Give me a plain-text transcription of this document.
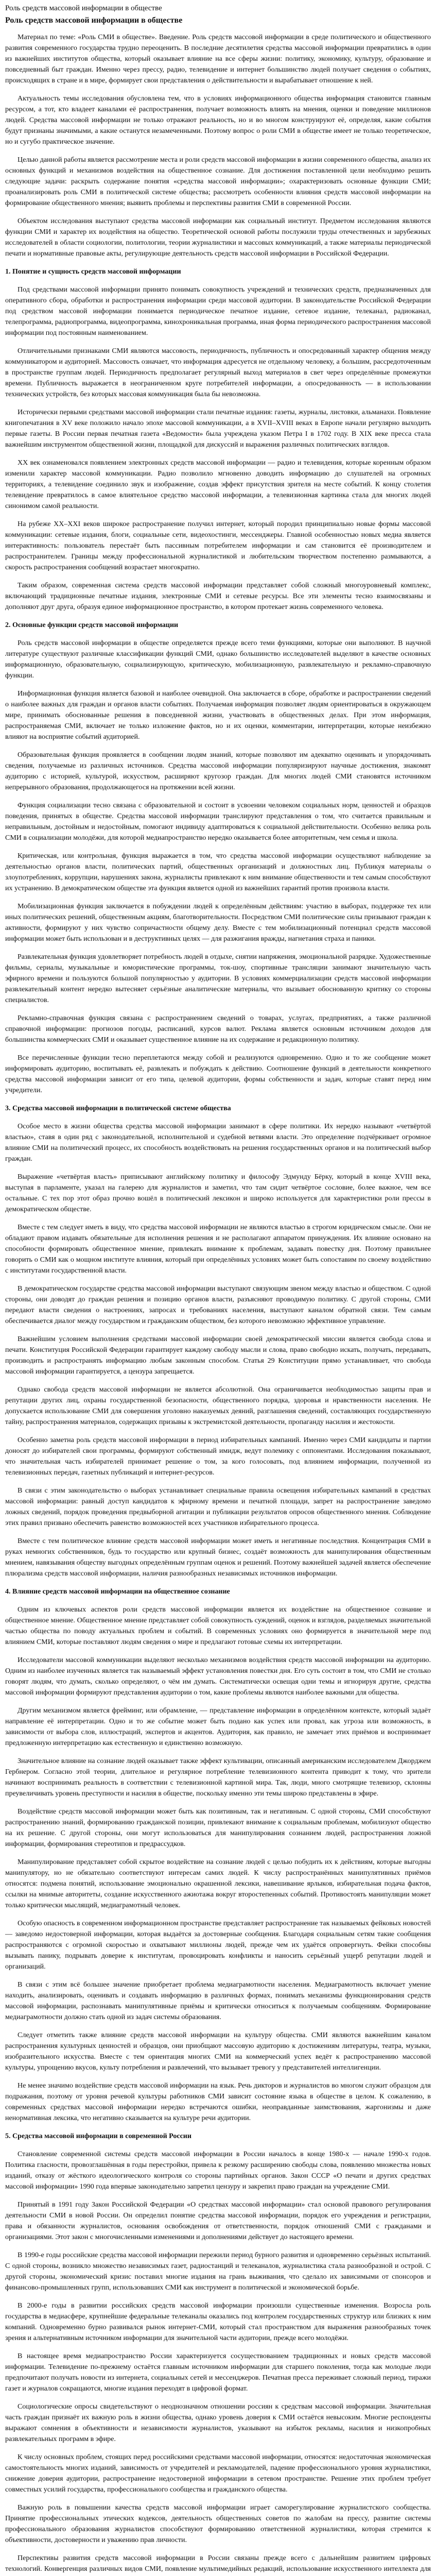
Роль средств массовой информации в обществе
Роль средств массовой информации в обществе

Материал по теме: «Роль СМИ в обществе». Введение. Роль средств массовой информации в среде политического и общественного развития современного государства трудно переоценить. В последние десятилетия средства массовой информации превратились в один из важнейших институтов общества, который оказывает влияние на все сферы жизни: политику, экономику, культуру, образование и повседневный быт граждан. Именно через прессу, радио, телевидение и интернет большинство людей получает сведения о событиях, происходящих в стране и в мире, формирует свои представления о действительности и вырабатывает отношение к ней.

Актуальность темы исследования обусловлена тем, что в условиях информационного общества информация становится главным ресурсом, а тот, кто владеет каналами её распространения, получает возможность влиять на мнения, оценки и поведение миллионов людей. Средства массовой информации не только отражают реальность, но и во многом конструируют её, определяя, какие события будут признаны значимыми, а какие останутся незамеченными. Поэтому вопрос о роли СМИ в обществе имеет не только теоретическое, но и сугубо практическое значение.

Целью данной работы является рассмотрение места и роли средств массовой информации в жизни современного общества, анализ их основных функций и механизмов воздействия на общественное сознание. Для достижения поставленной цели необходимо решить следующие задачи: раскрыть содержание понятия «средства массовой информации»; охарактеризовать основные функции СМИ; проанализировать роль СМИ в политической системе общества; рассмотреть особенности влияния средств массовой информации на формирование общественного мнения; выявить проблемы и перспективы развития СМИ в современной России.

Объектом исследования выступают средства массовой информации как социальный институт. Предметом исследования являются функции СМИ и характер их воздействия на общество. Теоретической основой работы послужили труды отечественных и зарубежных исследователей в области социологии, политологии, теории журналистики и массовых коммуникаций, а также материалы периодической печати и нормативные правовые акты, регулирующие деятельность средств массовой информации в Российской Федерации.

1. Понятие и сущность средств массовой информации

Под средствами массовой информации принято понимать совокупность учреждений и технических средств, предназначенных для оперативного сбора, обработки и распространения информации среди массовой аудитории. В законодательстве Российской Федерации под средством массовой информации понимается периодическое печатное издание, сетевое издание, телеканал, радиоканал, телепрограмма, радиопрограмма, видеопрограмма, кинохроникальная программа, иная форма периодического распространения массовой информации под постоянным наименованием.

Отличительными признаками СМИ являются массовость, периодичность, публичность и опосредованный характер общения между коммуникатором и аудиторией. Массовость означает, что информация адресуется не отдельному человеку, а большим, рассредоточенным в пространстве группам людей. Периодичность предполагает регулярный выход материалов в свет через определённые промежутки времени. Публичность выражается в неограниченном круге потребителей информации, а опосредованность — в использовании технических устройств, без которых массовая коммуникация была бы невозможна.

Исторически первыми средствами массовой информации стали печатные издания: газеты, журналы, листовки, альманахи. Появление книгопечатания в XV веке положило начало эпохе массовой коммуникации, а в XVII–XVIII веках в Европе начали регулярно выходить первые газеты. В России первая печатная газета «Ведомости» была учреждена указом Петра I в 1702 году. В XIX веке пресса стала важнейшим инструментом общественной жизни, площадкой для дискуссий и выражения различных политических взглядов.

XX век ознаменовался появлением электронных средств массовой информации — радио и телевидения, которые коренным образом изменили характер массовой коммуникации. Радио позволило мгновенно доводить информацию до слушателей на огромных территориях, а телевидение соединило звук и изображение, создав эффект присутствия зрителя на месте событий. К концу столетия телевидение превратилось в самое влиятельное средство массовой информации, а телевизионная картинка стала для многих людей синонимом самой реальности.

На рубеже XX–XXI веков широкое распространение получил интернет, который породил принципиально новые формы массовой коммуникации: сетевые издания, блоги, социальные сети, видеохостинги, мессенджеры. Главной особенностью новых медиа является интерактивность: пользователь перестаёт быть пассивным потребителем информации и сам становится её производителем и распространителем. Границы между профессиональной журналистикой и любительским творчеством постепенно размываются, а скорость распространения сообщений возрастает многократно.

Таким образом, современная система средств массовой информации представляет собой сложный многоуровневый комплекс, включающий традиционные печатные издания, электронные СМИ и сетевые ресурсы. Все эти элементы тесно взаимосвязаны и дополняют друг друга, образуя единое информационное пространство, в котором протекает жизнь современного человека.

2. Основные функции средств массовой информации

Роль средств массовой информации в обществе определяется прежде всего теми функциями, которые они выполняют. В научной литературе существуют различные классификации функций СМИ, однако большинство исследователей выделяют в качестве основных информационную, образовательную, социализирующую, критическую, мобилизационную, развлекательную и рекламно-справочную функции.

Информационная функция является базовой и наиболее очевидной. Она заключается в сборе, обработке и распространении сведений о наиболее важных для граждан и органов власти событиях. Получаемая информация позволяет людям ориентироваться в окружающем мире, принимать обоснованные решения в повседневной жизни, участвовать в общественных делах. При этом информация, распространяемая СМИ, включает не только изложение фактов, но и их оценки, комментарии, интерпретации, которые неизбежно влияют на восприятие событий аудиторией.

Образовательная функция проявляется в сообщении людям знаний, которые позволяют им адекватно оценивать и упорядочивать сведения, получаемые из различных источников. Средства массовой информации популяризируют научные достижения, знакомят аудиторию с историей, культурой, искусством, расширяют кругозор граждан. Для многих людей СМИ становятся источником непрерывного образования, продолжающегося на протяжении всей жизни.

Функция социализации тесно связана с образовательной и состоит в усвоении человеком социальных норм, ценностей и образцов поведения, принятых в обществе. Средства массовой информации транслируют представления о том, что считается правильным и неправильным, достойным и недостойным, помогают индивиду адаптироваться к социальной действительности. Особенно велика роль СМИ в социализации молодёжи, для которой медиапространство нередко оказывается более авторитетным, чем семья и школа.

Критическая, или контрольная, функция выражается в том, что средства массовой информации осуществляют наблюдение за деятельностью органов власти, политических партий, общественных организаций и должностных лиц. Публикуя материалы о злоупотреблениях, коррупции, нарушениях закона, журналисты привлекают к ним внимание общественности и тем самым способствуют их устранению. В демократическом обществе эта функция является одной из важнейших гарантий против произвола власти.

Мобилизационная функция заключается в побуждении людей к определённым действиям: участию в выборах, поддержке тех или иных политических решений, общественным акциям, благотворительности. Посредством СМИ политические силы призывают граждан к активности, формируют у них чувство сопричастности общему делу. Вместе с тем мобилизационный потенциал средств массовой информации может быть использован и в деструктивных целях — для разжигания вражды, нагнетания страха и паники.

Развлекательная функция удовлетворяет потребность людей в отдыхе, снятии напряжения, эмоциональной разрядке. Художественные фильмы, сериалы, музыкальные и юмористические программы, ток-шоу, спортивные трансляции занимают значительную часть эфирного времени и пользуются большой популярностью у аудитории. В условиях коммерциализации средств массовой информации развлекательный контент нередко вытесняет серьёзные аналитические материалы, что вызывает обоснованную критику со стороны специалистов.

Рекламно-справочная функция связана с распространением сведений о товарах, услугах, предприятиях, а также различной справочной информации: прогнозов погоды, расписаний, курсов валют. Реклама является основным источником доходов для большинства коммерческих СМИ и оказывает существенное влияние на их содержание и редакционную политику.

Все перечисленные функции тесно переплетаются между собой и реализуются одновременно. Одно и то же сообщение может информировать аудиторию, воспитывать её, развлекать и побуждать к действию. Соотношение функций в деятельности конкретного средства массовой информации зависит от его типа, целевой аудитории, формы собственности и задач, которые ставят перед ним учредители.

3. Средства массовой информации в политической системе общества

Особое место в жизни общества средства массовой информации занимают в сфере политики. Их нередко называют «четвёртой властью», ставя в один ряд с законодательной, исполнительной и судебной ветвями власти. Это определение подчёркивает огромное влияние СМИ на политический процесс, их способность воздействовать на решения государственных органов и на политический выбор граждан.

Выражение «четвёртая власть» приписывают английскому политику и философу Эдмунду Бёрку, который в конце XVIII века, выступая в парламенте, указал на галерею для журналистов и заметил, что там сидит четвёртое сословие, более важное, чем все остальные. С тех пор этот образ прочно вошёл в политический лексикон и широко используется для характеристики роли прессы в демократическом обществе.

Вместе с тем следует иметь в виду, что средства массовой информации не являются властью в строгом юридическом смысле. Они не обладают правом издавать обязательные для исполнения решения и не располагают аппаратом принуждения. Их влияние основано на способности формировать общественное мнение, привлекать внимание к проблемам, задавать повестку дня. Поэтому правильнее говорить о СМИ как о мощном институте влияния, который при определённых условиях может быть сопоставим по своему воздействию с институтами государственной власти.

В демократическом государстве средства массовой информации выступают связующим звеном между властью и обществом. С одной стороны, они доводят до граждан решения и позицию органов власти, разъясняют проводимую политику. С другой стороны, СМИ передают власти сведения о настроениях, запросах и требованиях населения, выступают каналом обратной связи. Тем самым обеспечивается диалог между государством и гражданским обществом, без которого невозможно эффективное управление.

Важнейшим условием выполнения средствами массовой информации своей демократической миссии является свобода слова и печати. Конституция Российской Федерации гарантирует каждому свободу мысли и слова, право свободно искать, получать, передавать, производить и распространять информацию любым законным способом. Статья 29 Конституции прямо устанавливает, что свобода массовой информации гарантируется, а цензура запрещается.

Однако свобода средств массовой информации не является абсолютной. Она ограничивается необходимостью защиты прав и репутации других лиц, охраны государственной безопасности, общественного порядка, здоровья и нравственности населения. Не допускается использование СМИ для совершения уголовно наказуемых деяний, разглашения сведений, составляющих государственную тайну, распространения материалов, содержащих призывы к экстремистской деятельности, пропаганду насилия и жестокости.

Особенно заметна роль средств массовой информации в период избирательных кампаний. Именно через СМИ кандидаты и партии доносят до избирателей свои программы, формируют собственный имидж, ведут полемику с оппонентами. Исследования показывают, что значительная часть избирателей принимает решение о том, за кого голосовать, под влиянием информации, полученной из телевизионных передач, газетных публикаций и интернет-ресурсов.

В связи с этим законодательство о выборах устанавливает специальные правила освещения избирательных кампаний в средствах массовой информации: равный доступ кандидатов к эфирному времени и печатной площади, запрет на распространение заведомо ложных сведений, порядок проведения предвыборной агитации и публикации результатов опросов общественного мнения. Соблюдение этих правил призвано обеспечить равенство возможностей всех участников избирательного процесса.

Вместе с тем политическое влияние средств массовой информации может иметь и негативные последствия. Концентрация СМИ в руках немногих собственников, будь то государство или крупный бизнес, создаёт возможность для манипулирования общественным мнением, навязывания обществу выгодных определённым группам оценок и решений. Поэтому важнейшей задачей является обеспечение плюрализма средств массовой информации, наличия разнообразных независимых источников информации.

4. Влияние средств массовой информации на общественное сознание

Одним из ключевых аспектов роли средств массовой информации является их воздействие на общественное сознание и общественное мнение. Общественное мнение представляет собой совокупность суждений, оценок и взглядов, разделяемых значительной частью общества по поводу актуальных проблем и событий. В современных условиях оно формируется в значительной мере под влиянием СМИ, которые поставляют людям сведения о мире и предлагают готовые схемы их интерпретации.

Исследователи массовой коммуникации выделяют несколько механизмов воздействия средств массовой информации на аудиторию. Одним из наиболее изученных является так называемый эффект установления повестки дня. Его суть состоит в том, что СМИ не столько говорят людям, что думать, сколько определяют, о чём им думать. Систематически освещая одни темы и игнорируя другие, средства массовой информации формируют представления аудитории о том, какие проблемы являются наиболее важными для общества.

Другим механизмом является фрейминг, или обрамление, — представление информации в определённом контексте, который задаёт направление её интерпретации. Одно и то же событие может быть подано как успех или провал, как угроза или возможность, в зависимости от выбора слов, иллюстраций, экспертов и акцентов. Аудитория, как правило, не замечает этих приёмов и воспринимает предложенную интерпретацию как естественную и единственно возможную.

Значительное влияние на сознание людей оказывает также эффект культивации, описанный американским исследователем Джорджем Гербнером. Согласно этой теории, длительное и регулярное потребление телевизионного контента приводит к тому, что зрители начинают воспринимать реальность в соответствии с телевизионной картиной мира. Так, люди, много смотрящие телевизор, склонны преувеличивать уровень преступности и насилия в обществе, поскольку именно эти темы широко представлены в эфире.

Воздействие средств массовой информации может быть как позитивным, так и негативным. С одной стороны, СМИ способствуют распространению знаний, формированию гражданской позиции, привлекают внимание к социальным проблемам, мобилизуют общество на их решение. С другой стороны, они могут использоваться для манипулирования сознанием людей, распространения ложной информации, формирования стереотипов и предрассудков.

Манипулирование представляет собой скрытое воздействие на сознание людей с целью побудить их к действиям, которые выгодны манипулятору, но не обязательно соответствуют интересам самих людей. К числу распространённых манипулятивных приёмов относятся: подмена понятий, использование эмоционально окрашенной лексики, навешивание ярлыков, избирательная подача фактов, ссылки на мнимые авторитеты, создание искусственного ажиотажа вокруг второстепенных событий. Противостоять манипуляции может только критически мыслящий, медиаграмотный человек.

Особую опасность в современном информационном пространстве представляет распространение так называемых фейковых новостей — заведомо недостоверной информации, которая выдаётся за достоверные сообщения. Благодаря социальным сетям такие сообщения распространяются с огромной скоростью и охватывают миллионы людей, прежде чем их удаётся опровергнуть. Фейки способны вызывать панику, подрывать доверие к институтам, провоцировать конфликты и наносить серьёзный ущерб репутации людей и организаций.

В связи с этим всё большее значение приобретает проблема медиаграмотности населения. Медиаграмотность включает умение находить, анализировать, оценивать и создавать информацию в различных формах, понимать механизмы функционирования средств массовой информации, распознавать манипулятивные приёмы и критически относиться к получаемым сообщениям. Формирование медиаграмотности должно стать одной из задач системы образования.

Следует отметить также влияние средств массовой информации на культуру общества. СМИ являются важнейшим каналом распространения культурных ценностей и образцов, они приобщают массовую аудиторию к достижениям литературы, театра, музыки, изобразительного искусства. Вместе с тем ориентация многих СМИ на коммерческий успех ведёт к распространению массовой культуры, упрощению вкусов, культу потребления и развлечений, что вызывает тревогу у представителей интеллигенции.

Не менее значимо воздействие средств массовой информации на язык. Речь дикторов и журналистов во многом служит образцом для подражания, поэтому от уровня речевой культуры работников СМИ зависит состояние языка в обществе в целом. К сожалению, в современных средствах массовой информации нередко встречаются ошибки, неоправданные заимствования, жаргонизмы и даже ненормативная лексика, что негативно сказывается на культуре речи аудитории.

5. Средства массовой информации в современной России

Становление современной системы средств массовой информации в России началось в конце 1980-х — начале 1990-х годов. Политика гласности, провозглашённая в годы перестройки, привела к резкому расширению свободы слова, появлению множества новых изданий, отказу от жёсткого идеологического контроля со стороны партийных органов. Закон СССР «О печати и других средствах массовой информации» 1990 года впервые законодательно запретил цензуру и закрепил право граждан на учреждение СМИ.

Принятый в 1991 году Закон Российской Федерации «О средствах массовой информации» стал основой правового регулирования деятельности СМИ в новой России. Он определил понятие средства массовой информации, порядок его учреждения и регистрации, права и обязанности журналистов, основания освобождения от ответственности, порядок отношений СМИ с гражданами и организациями. Этот закон с многочисленными изменениями и дополнениями действует до настоящего времени.

В 1990-е годы российские средства массовой информации пережили период бурного развития и одновременно серьёзных испытаний. С одной стороны, возникло множество независимых газет, радиостанций и телеканалов, журналистика стала разнообразной и острой. С другой стороны, экономический кризис поставил многие издания на грань выживания, что сделало их зависимыми от спонсоров и финансово-промышленных групп, использовавших СМИ как инструмент в политической и экономической борьбе.

В 2000-е годы в развитии российских средств массовой информации произошли существенные изменения. Возросла роль государства в медиасфере, крупнейшие федеральные телеканалы оказались под контролем государственных структур или близких к ним компаний. Одновременно бурно развивался рынок интернет-СМИ, который стал пространством для выражения разнообразных точек зрения и альтернативным источником информации для значительной части аудитории, прежде всего молодёжи.

В настоящее время медиапространство России характеризуется сосуществованием традиционных и новых средств массовой информации. Телевидение по-прежнему остаётся главным источником информации для старшего поколения, тогда как молодые люди предпочитают получать новости из интернета, социальных сетей и мессенджеров. Печатная пресса переживает сложный период, тиражи газет и журналов сокращаются, многие издания переходят в цифровой формат.

Социологические опросы свидетельствуют о неоднозначном отношении россиян к средствам массовой информации. Значительная часть граждан признаёт их важную роль в жизни общества, однако уровень доверия к СМИ остаётся невысоким. Многие респонденты выражают сомнения в объективности и независимости журналистов, указывают на избыток рекламы, насилия и низкопробных развлекательных программ в эфире.

К числу основных проблем, стоящих перед российскими средствами массовой информации, относятся: недостаточная экономическая самостоятельность многих изданий, зависимость от учредителей и рекламодателей, падение профессионального уровня журналистики, снижение доверия аудитории, распространение недостоверной информации в сетевом пространстве. Решение этих проблем требует совместных усилий государства, профессионального сообщества и гражданского общества.

Важную роль в повышении качества средств массовой информации играет саморегулирование журналистского сообщества. Принятие профессиональных этических кодексов, деятельность общественных советов по жалобам на прессу, развитие системы профессионального образования журналистов способствуют формированию ответственной журналистики, которая стремится к объективности, достоверности и уважению прав личности.

Перспективы развития средств массовой информации в России связаны прежде всего с дальнейшим развитием цифровых технологий. Конвергенция различных видов СМИ, появление мультимедийных редакций, использование искусственного интеллекта для
